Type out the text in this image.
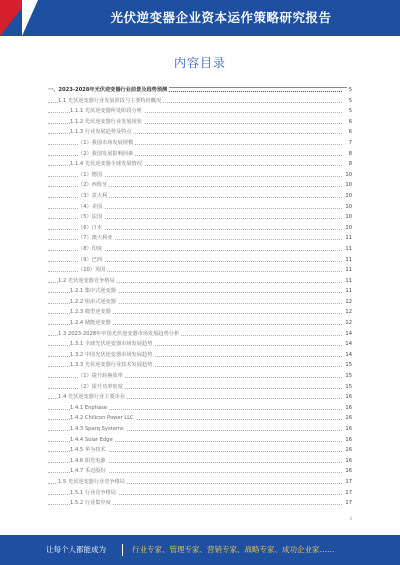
光伏逆变器企业资本运作策略研究报告
内容目录
一、2023-2028年光伏逆变器行业前景及趋势预测	5
1.1 光伏逆变器行业发展阶段与主要特征概况	5
1.1.1 光伏逆变器所处阶段分析	5
1.1.2 光伏逆变器行业发展现状	6
1.1.3 行业发展趋势及特点	6
（1）我国市场发展规模	7
（2）我国发展影响因素	8
1.1.4 光伏逆变器全球发展情况	8
（1）德国	10
（2）西班牙	10
（3）意大利	10
（4）美国	10
（5）法国	10
（6）日本	10
（7）澳大利亚	11
（8）印度	11
（9）巴西	11
（10）英国	11
1.2 光伏逆变器竞争格局	11
1.2.1 集中式逆变器	11
1.2.2 组串式逆变器	12
1.2.3 微型逆变器	12
1.2.4 储能逆变器	12
1.3 2023-2028年中国光伏逆变器市场发展趋势分析	14
1.3.1 全球光伏逆变器市场发展趋势	14
1.3.2 中国光伏逆变器市场发展趋势	14
1.3.3 光伏逆变器行业技术发展趋势	15
（1）提升转换效率	15
（2）提升功率密度	15
1.4 光伏逆变器行业主要企业	16
1.4.1 Enphase	16
1.4.2 Chilicon Power LLC	16
1.4.3 Sparq Systems	16
1.4.4 Solar Edge	16
1.4.5 华为技术	16
1.4.6 阳光电源	16
1.4.7 禾迈股份	16
1.5 光伏逆变器行业竞争格局	17
1.5.1 行业竞争格局	17
1.5.2 行业集中度	17
4
让每个人都能成为	行业专家、管理专家、营销专家、战略专家、成功企业家……
